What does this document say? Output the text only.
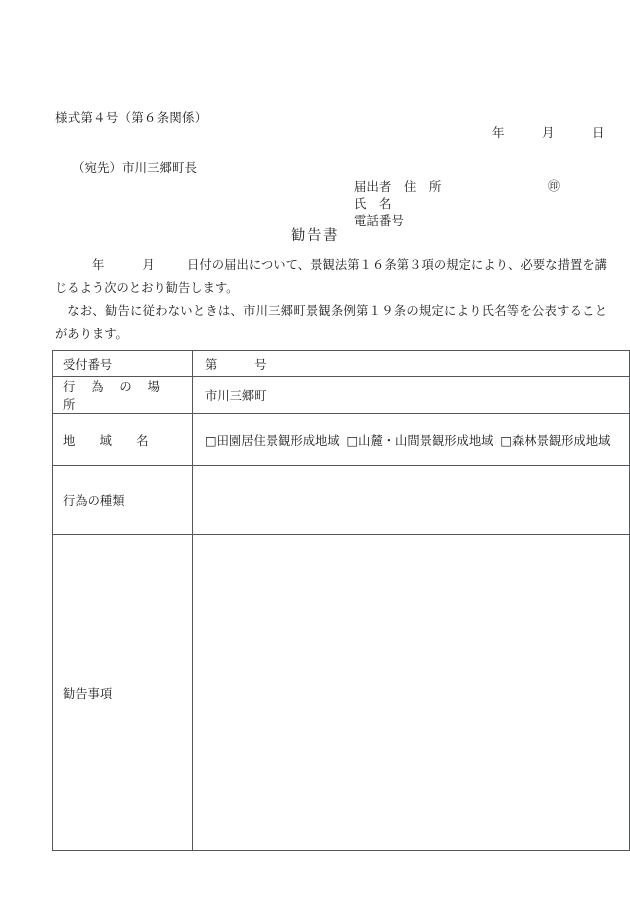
様式第４号（第６条関係）
年　　　月　　　日
（宛先）市川三郷町長

届出者　住　所

氏　名

㊞

電話番号

勧告書

年	月	日付の届出について、景観法第１６条第３項の規定により、必要な措置を講じるよう次のとおり勧告します。

なお、勧告に従わないときは、市川三郷町景観条例第１９条の規定により氏名等を公表することがあります。

受付番号	第 号
行 為 の 場 所	市川三郷町
地　域　名	□田園居住景観形成地域 □山麓・山間景観形成地域 □森林景観形成地域
行為の種類	
勧告事項	
